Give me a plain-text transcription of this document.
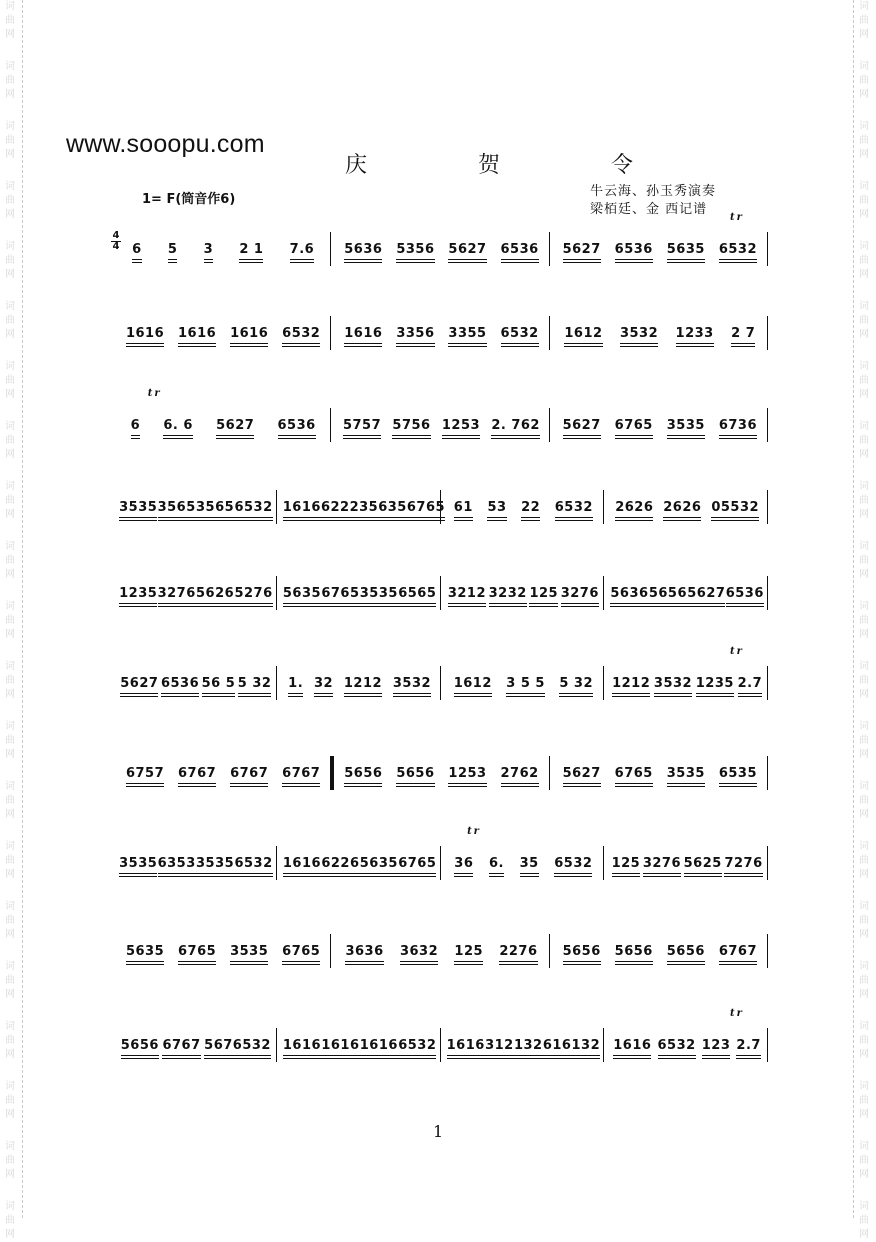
词
曲
网
词
曲
网
词
曲
网
词
曲
网
词
曲
网
词
曲
网
词
曲
网
词
曲
网
词
曲
网
词
曲
网
词
曲
网
词
曲
网
词
曲
网
词
曲
网
词
曲
网
词
曲
网
词
曲
网
词
曲
网
词
曲
网
词
曲
网
词
曲
网
词
曲
网
词
曲
网
词
曲
网
词
曲
网
词
曲
网
词
曲
网
词
曲
网
词
曲
网
词
曲
网
词
曲
网
词
曲
网
词
曲
网
词
曲
网
词
曲
网
词
曲
网
词
曲
网
词
曲
网
词
曲
网
词
曲
网
词
曲
网
词
曲
网
www.sooopu.com
庆 贺 令
1= F(筒音作6)
牛云海、孙玉秀演奏
梁栢廷、金 西记谱
4
4 6 5 3 2 1 7.6 5636 5356 5627 6536 5627 6536 5635 6532
tr
1616 1616 1616 6532 1616 3356 3355 6532 1612 3532 1233 2 7
6 6. 6 5627 6536 5757 5756 1253 2. 762 5627 6765 3535 6736
tr
3535 3565 3565 6532 1616 62223 5635 6765 61 53 22 6532 2626 2626 05532
1235 3276 5626 5276 5635 6765 3535 6565 3212 3232 125 3276 5636 5656 5627 6536
5627 6536 56 5 5 32 1. 32 1212 3532 1612 3 5 5 5 32 1212 3532 1235 2.7
tr
6757 6767 6767 6767 5656 5656 1253 2762 5627 6765 3535 6535
3535 6353 3535 6532 1616 6226 5635 6765 36 6. 35 6532 125 3276 5625 7276
tr
5635 6765 3535 6765 3636 3632 125 2276 5656 5656 5656 6767
5656 6767 5676532 1616 1616 1616 6532 1616 312 132 616132 1616 6532 123 2.7
tr
1
